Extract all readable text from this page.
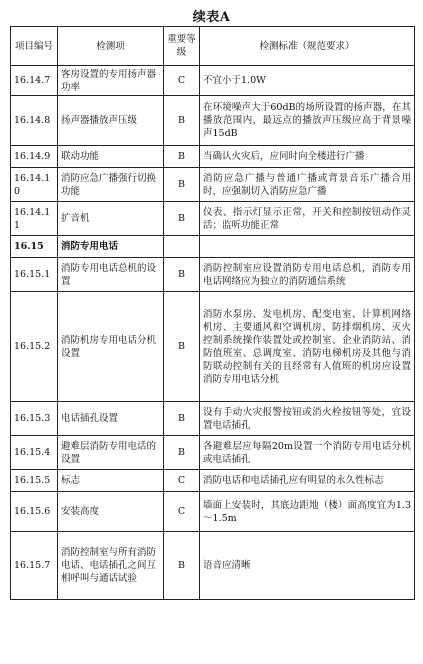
续表A
项目编号	检测项	重要等级	检测标准（规范要求）
16.14.7	客房设置的专用扬声器功率	C	不宜小于1.0W
16.14.8	扬声器播放声压级	B	在环境噪声大于60dB的场所设置的扬声器，在其播放范围内，最远点的播放声压级应高于背景噪声15dB
16.14.9	联动功能	B	当确认火灾后，应同时向全楼进行广播
16.14.10	消防应急广播强行切换功能	B	消防应急广播与普通广播或背景音乐广播合用时，应强制切入消防应急广播
16.14.11	扩音机	B	仪表、指示灯显示正常，开关和控制按钮动作灵活；监听功能正常
16.15	消防专用电话		
16.15.1	消防专用电话总机的设置	B	消防控制室应设置消防专用电话总机，消防专用电话网络应为独立的消防通信系统
16.15.2	消防机房专用电话分机设置	B	消防水泵房、发电机房、配变电室、计算机网络机房、主要通风和空调机房、防排烟机房、灭火控制系统操作装置处或控制室、企业消防站、消防值班室、总调度室、消防电梯机房及其他与消防联动控制有关的且经常有人值班的机房应设置消防专用电话分机
16.15.3	电话插孔设置	B	设有手动火灾报警按钮或消火栓按钮等处，宜设置电话插孔
16.15.4	避难层消防专用电话的设置	B	各避难层应每隔20m设置一个消防专用电话分机或电话插孔
16.15.5	标志	C	消防电话和电话插孔应有明显的永久性标志
16.15.6	安装高度	C	墙面上安装时，其底边距地（楼）面高度宜为1.3～1.5m
16.15.7	消防控制室与所有消防电话、电话插孔之间互相呼叫与通话试验	B	语音应清晰
